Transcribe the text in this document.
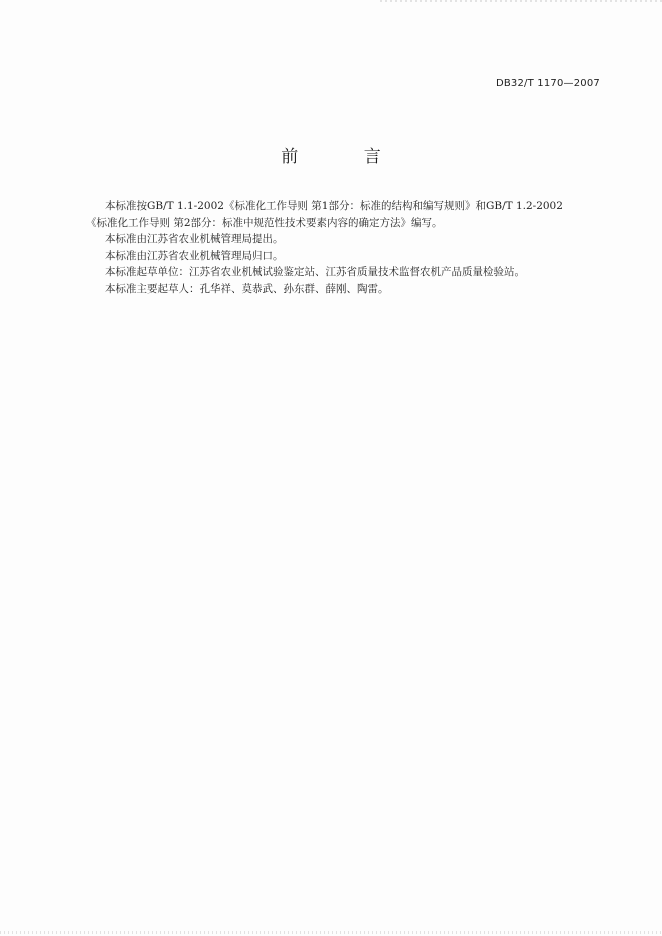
DB32/T 1170—2007
前 言

本标准按GB/T 1.1-2002《标准化工作导则 第1部分：标准的结构和编写规则》和GB/T 1.2-2002

《标准化工作导则 第2部分：标准中规范性技术要素内容的确定方法》编写。

本标准由江苏省农业机械管理局提出。

本标准由江苏省农业机械管理局归口。

本标准起草单位：江苏省农业机械试验鉴定站、江苏省质量技术监督农机产品质量检验站。

本标准主要起草人：孔华祥、莫恭武、孙东群、薛刚、陶雷。
